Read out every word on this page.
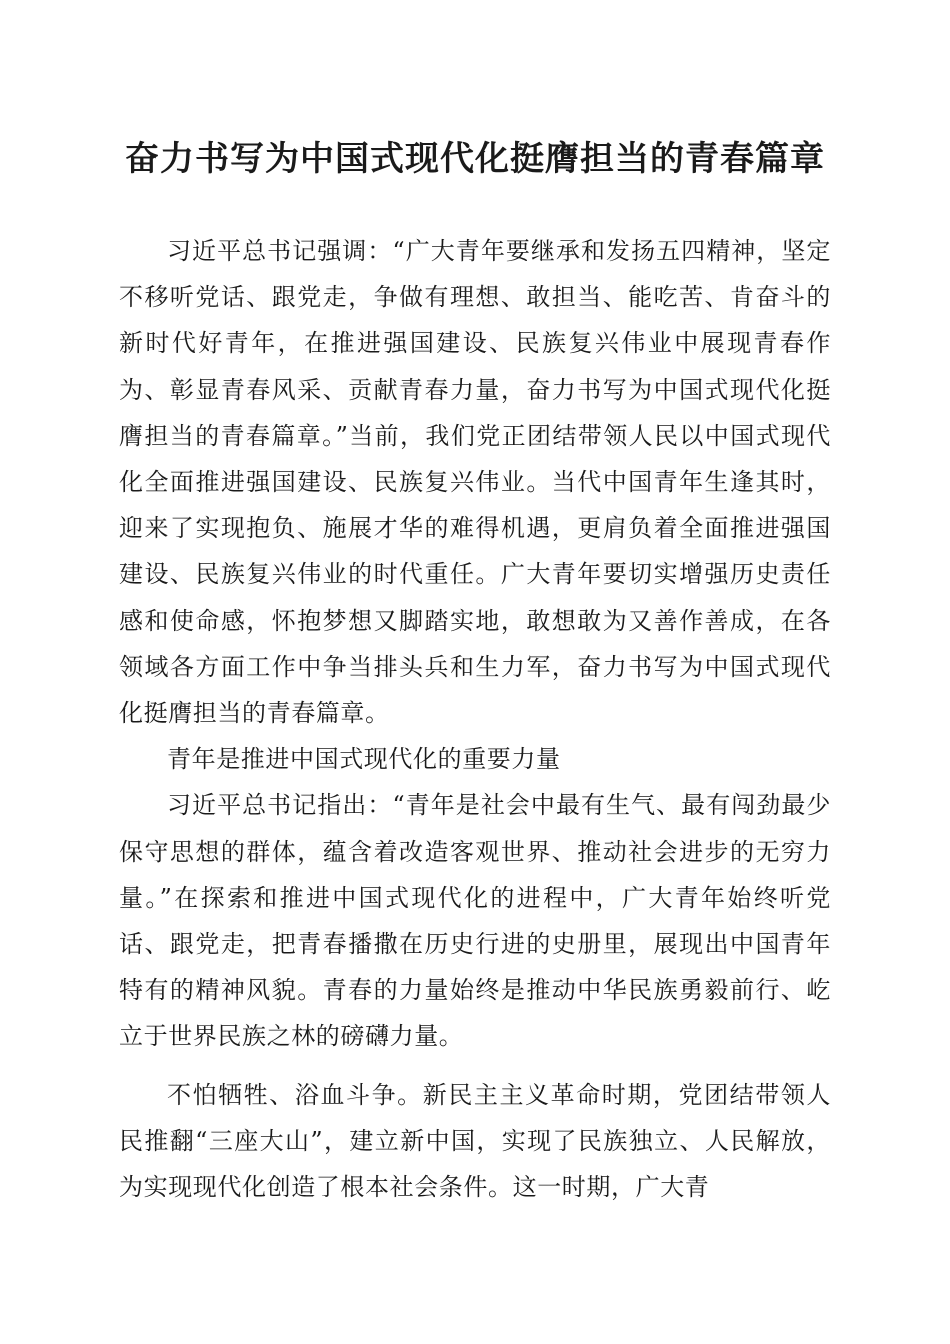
奋力书写为中国式现代化挺膺担当的青春篇章

习近平总书记强调：“广大青年要继承和发扬五四精神，坚定不移听党话、跟党走，争做有理想、敢担当、能吃苦、肯奋斗的新时代好青年，在推进强国建设、民族复兴伟业中展现青春作为、彰显青春风采、贡献青春力量，奋力书写为中国式现代化挺膺担当的青春篇章。”当前，我们党正团结带领人民以中国式现代化全面推进强国建设、民族复兴伟业。当代中国青年生逢其时，迎来了实现抱负、施展才华的难得机遇，更肩负着全面推进强国建设、民族复兴伟业的时代重任。广大青年要切实增强历史责任感和使命感，怀抱梦想又脚踏实地，敢想敢为又善作善成，在各领域各方面工作中争当排头兵和生力军，奋力书写为中国式现代化挺膺担当的青春篇章。

青年是推进中国式现代化的重要力量

习近平总书记指出：“青年是社会中最有生气、最有闯劲最少保守思想的群体，蕴含着改造客观世界、推动社会进步的无穷力量。”在探索和推进中国式现代化的进程中，广大青年始终听党话、跟党走，把青春播撒在历史行进的史册里，展现出中国青年特有的精神风貌。青春的力量始终是推动中华民族勇毅前行、屹立于世界民族之林的磅礴力量。

不怕牺牲、浴血斗争。新民主主义革命时期，党团结带领人民推翻“三座大山”，建立新中国，实现了民族独立、人民解放，为实现现代化创造了根本社会条件。这一时期，广大青
